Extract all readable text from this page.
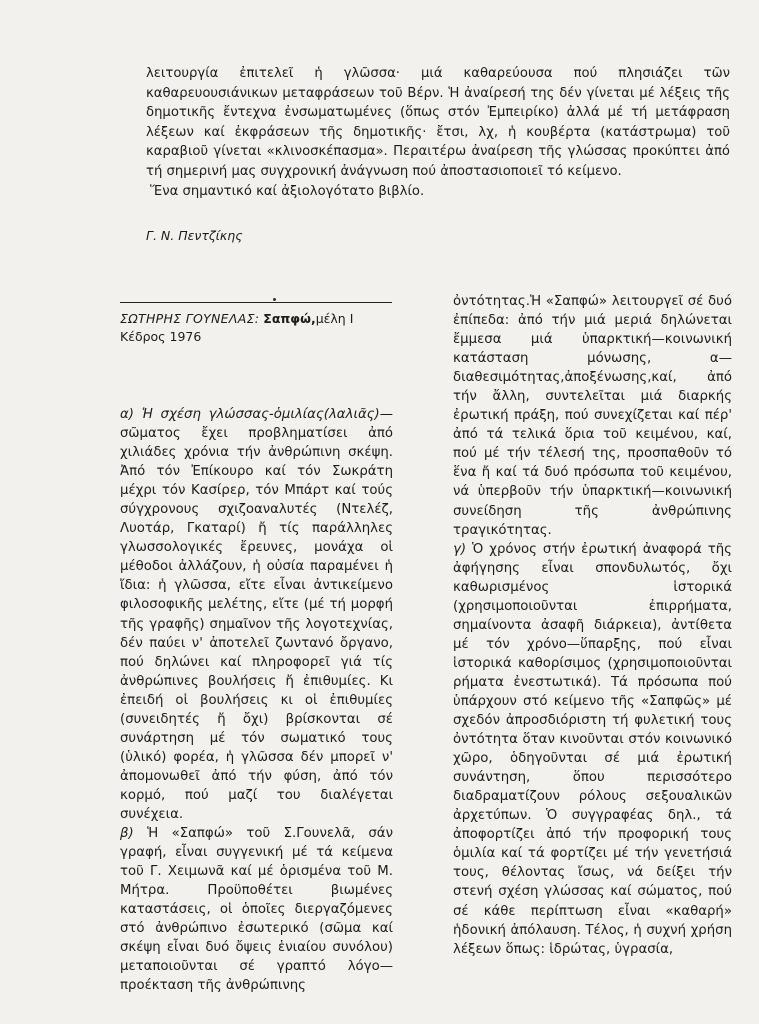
λειτουργία ἐπιτελεῖ ἡ γλῶσσα· μιά καθαρεύουσα πού πλησιάζει τῶν καθαρευουσιάνικων μεταφράσεων τοῦ Βέρν. Ἡ ἀναίρεσή της δέν γίνεται μέ λέξεις τῆς δημοτικῆς ἔντεχνα ἐνσωματωμένες (ὅπως στόν Ἐμπειρίκο) ἀλλά μέ τή μετάφραση λέξεων καί ἐκφράσεων τῆς δημοτικῆς· ἔτσι, λχ, ἡ κουβέρτα (κατάστρωμα) τοῦ καραβιοῦ γίνεται «κλινοσκέπασμα». Περαιτέρω ἀναίρεση τῆς γλώσσας προκύπτει ἀπό τή σημερινή μας συγχρονική ἀνάγνωση πού ἀποστασιοποιεῖ τό κείμενο.

Ἕνα σημαντικό καί ἀξιολογότατο βιβλίο.

Γ. Ν. Πεντζίκης
ΣΩΤΗΡΗΣ ΓΟΥΝΕΛΑΣ: Σαπφώ,μέλη Ι
Κέδρος 1976

α) Ἡ σχέση γλώσσας-ὁμιλίας(λαλιᾶς)— σῶματος ἔχει προβληματίσει ἀπό χιλιάδες χρόνια τήν ἀνθρώπινη σκέψη. Ἀπό τόν Ἐπίκουρο καί τόν Σωκράτη μέχρι τόν Κασίρερ, τόν Μπάρτ καί τούς σύγχρονους σχιζοαναλυτές (Ντελέζ, Λυοτάρ, Γκαταρί) ἤ τίς παράλληλες γλωσσολογικές ἔρευνες, μονάχα οἱ μέθοδοι ἀλλάζουν, ἡ οὐσία παραμένει ἡ ἴδια: ἡ γλῶσσα, εἴτε εἶναι ἀντικείμενο φιλοσοφικῆς μελέτης, εἴτε (μέ τή μορφή τῆς γραφῆς) σημαῖνον τῆς λογοτεχνίας, δέν παύει ν' ἀποτελεῖ ζωντανό ὄργανο, πού δηλώνει καί πληροφορεῖ γιά τίς ἀνθρώπινες βουλήσεις ἤ ἐπιθυμίες. Κι ἐπειδή οἱ βουλήσεις κι οἱ ἐπιθυμίες (συνειδητές ἤ ὄχι) βρίσκονται σέ συνάρτηση μέ τόν σωματικό τους (ὑλικό) φορέα, ἡ γλῶσσα δέν μπορεῖ ν' ἀπομονωθεῖ ἀπό τήν φύση, ἀπό τόν κορμό, πού μαζί του διαλέγεται συνέχεια.

β) Ἡ «Σαπφώ» τοῦ Σ.Γουνελᾶ, σάν γραφή, εἶναι συγγενική μέ τά κείμενα τοῦ Γ. Χειμωνᾶ καί μέ ὁρισμένα τοῦ Μ. Μήτρα. Προϋποθέτει βιωμένες καταστάσεις, οἱ ὁποῖες διεργαζόμενες στό ἀνθρώπινο ἐσωτερικό (σῶμα καί σκέψη εἶναι δυό ὄψεις ἑνιαίου συνόλου) μεταποιοῦνται σέ γραπτό λόγο—προέκταση τῆς ἀνθρώπινης

ὀντότητας.Ἡ «Σαπφώ» λειτουργεῖ σέ δυό ἐπίπεδα: ἀπό τήν μιά μεριά δηλώνεται ἔμμεσα μιά ὑπαρκτική—κοινωνική κατάσταση μόνωσης, α—διαθεσιμότητας,ἀποξένωσης,καί, ἀπό τήν ἄλλη, συντελεῖται μιά διαρκής ἐρωτική πράξη, πού συνεχίζεται καί πέρ' ἀπό τά τελικά ὅρια τοῦ κειμένου, καί, πού μέ τήν τέλεσή της, προσπαθοῦν τό ἕνα ἤ καί τά δυό πρόσωπα τοῦ κειμένου, νά ὑπερβοῦν τήν ὑπαρκτική—κοινωνική συνείδηση τῆς ἀνθρώπινης τραγικότητας.

γ) Ὁ χρόνος στήν ἐρωτική ἀναφορά τῆς ἀφήγησης εἶναι σπονδυλωτός, ὄχι καθωρισμένος ἱστορικά (χρησιμοποιοῦνται ἐπιρρήματα, σημαίνοντα ἀσαφῆ διάρκεια), ἀντίθετα μέ τόν χρόνο—ὕπαρξης, πού εἶναι ἱστορικά καθορίσιμος (χρησιμοποιοῦνται ρήματα ἐνεστωτικά). Τά πρόσωπα πού ὑπάρχουν στό κείμενο τῆς «Σαπφῶς» μέ σχεδόν ἀπροσδιόριστη τή φυλετική τους ὀντότητα ὅταν κινοῦνται στόν κοινωνικό χῶρο, ὁδηγοῦνται σέ μιά ἐρωτική συνάντηση, ὅπου περισσότερο διαδραματίζουν ρόλους σεξουαλικῶν ἀρχετύπων. Ὁ συγγραφέας δηλ., τά ἀποφορτίζει ἀπό τήν προφορική τους ὁμιλία καί τά φορτίζει μέ τήν γενετήσιά τους, θέλοντας ἴσως, νά δείξει τήν στενή σχέση γλώσσας καί σώματος, πού σέ κάθε περίπτωση εἶναι «καθαρή» ἡδονική ἀπόλαυση. Τέλος, ἡ συχνή χρήση λέξεων ὅπως: ἱδρώτας, ὑγρασία,
